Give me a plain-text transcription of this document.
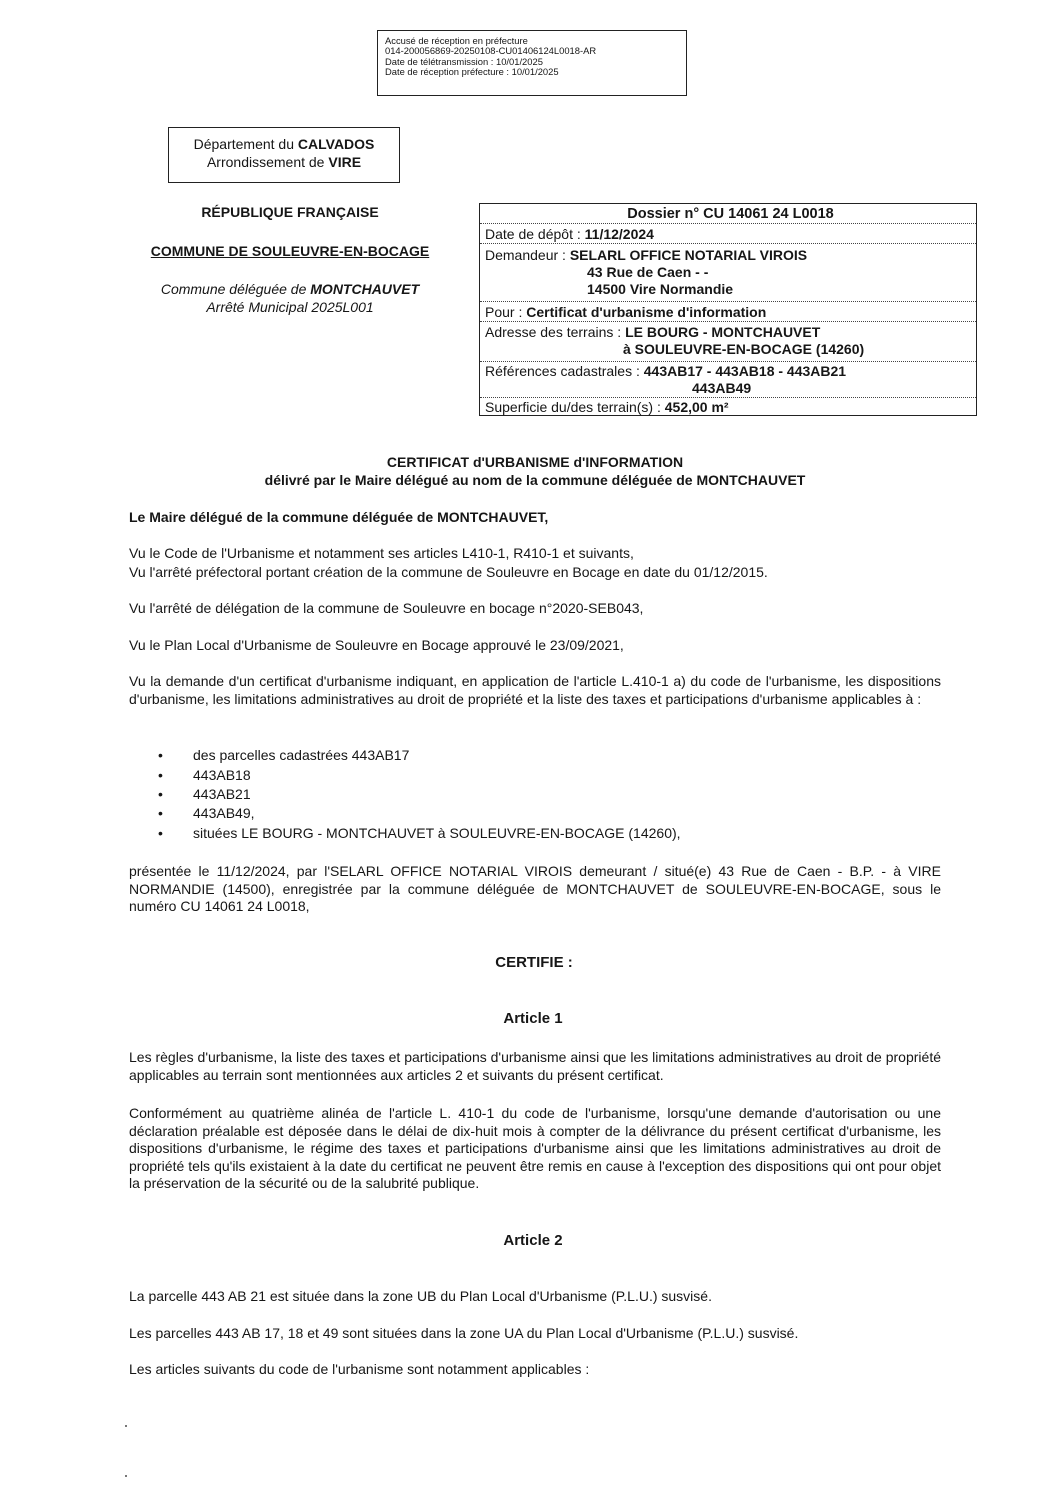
Accusé de réception en préfecture
014-200056869-20250108-CU01406124L0018-AR
Date de télétransmission : 10/01/2025
Date de réception préfecture : 10/01/2025
Département du CALVADOS
Arrondissement de VIRE
RÉPUBLIQUE FRANÇAISE
COMMUNE DE SOULEUVRE-EN-BOCAGE
Commune déléguée de MONTCHAUVET
Arrêté Municipal 2025L001
Dossier n° CU 14061 24 L0018
Date de dépôt : 11/12/2024
Demandeur : SELARL OFFICE NOTARIAL VIROIS
43 Rue de Caen - -
14500 Vire Normandie
Pour : Certificat d'urbanisme d'information
Adresse des terrains : LE BOURG - MONTCHAUVET
à SOULEUVRE-EN-BOCAGE (14260)
Références cadastrales : 443AB17 - 443AB18 - 443AB21
443AB49
Superficie du/des terrain(s) : 452,00 m²
CERTIFICAT d'URBANISME d'INFORMATION
délivré par le Maire délégué au nom de la commune déléguée de MONTCHAUVET
Le Maire délégué de la commune déléguée de MONTCHAUVET,
Vu le Code de l'Urbanisme et notamment ses articles L410-1, R410-1 et suivants,
Vu l'arrêté préfectoral portant création de la commune de Souleuvre en Bocage en date du 01/12/2015.
Vu l'arrêté de délégation de la commune de Souleuvre en bocage n°2020-SEB043,
Vu le Plan Local d'Urbanisme de Souleuvre en Bocage approuvé le 23/09/2021,
Vu la demande d'un certificat d'urbanisme indiquant, en application de l'article L.410-1 a) du code de l'urbanisme, les dispositions d'urbanisme, les limitations administratives au droit de propriété et la liste des taxes et participations d'urbanisme applicables à :
• des parcelles cadastrées 443AB17
• 443AB18
• 443AB21
• 443AB49,
• situées LE BOURG - MONTCHAUVET à SOULEUVRE-EN-BOCAGE (14260),
présentée le 11/12/2024, par l'SELARL OFFICE NOTARIAL VIROIS demeurant / situé(e) 43 Rue de Caen - B.P. - à VIRE NORMANDIE (14500), enregistrée par la commune déléguée de MONTCHAUVET de SOULEUVRE-EN-BOCAGE, sous le numéro CU 14061 24 L0018,
CERTIFIE :
Article 1
Les règles d'urbanisme, la liste des taxes et participations d'urbanisme ainsi que les limitations administratives au droit de propriété applicables au terrain sont mentionnées aux articles 2 et suivants du présent certificat.
Conformément au quatrième alinéa de l'article L. 410-1 du code de l'urbanisme, lorsqu'une demande d'autorisation ou une déclaration préalable est déposée dans le délai de dix-huit mois à compter de la délivrance du présent certificat d'urbanisme, les dispositions d'urbanisme, le régime des taxes et participations d'urbanisme ainsi que les limitations administratives au droit de propriété tels qu'ils existaient à la date du certificat ne peuvent être remis en cause à l'exception des dispositions qui ont pour objet la préservation de la sécurité ou de la salubrité publique.
Article 2
La parcelle 443 AB 21 est située dans la zone UB du Plan Local d'Urbanisme (P.L.U.) susvisé.
Les parcelles 443 AB 17, 18 et 49 sont situées dans la zone UA du Plan Local d'Urbanisme (P.L.U.) susvisé.
Les articles suivants du code de l'urbanisme sont notamment applicables :
